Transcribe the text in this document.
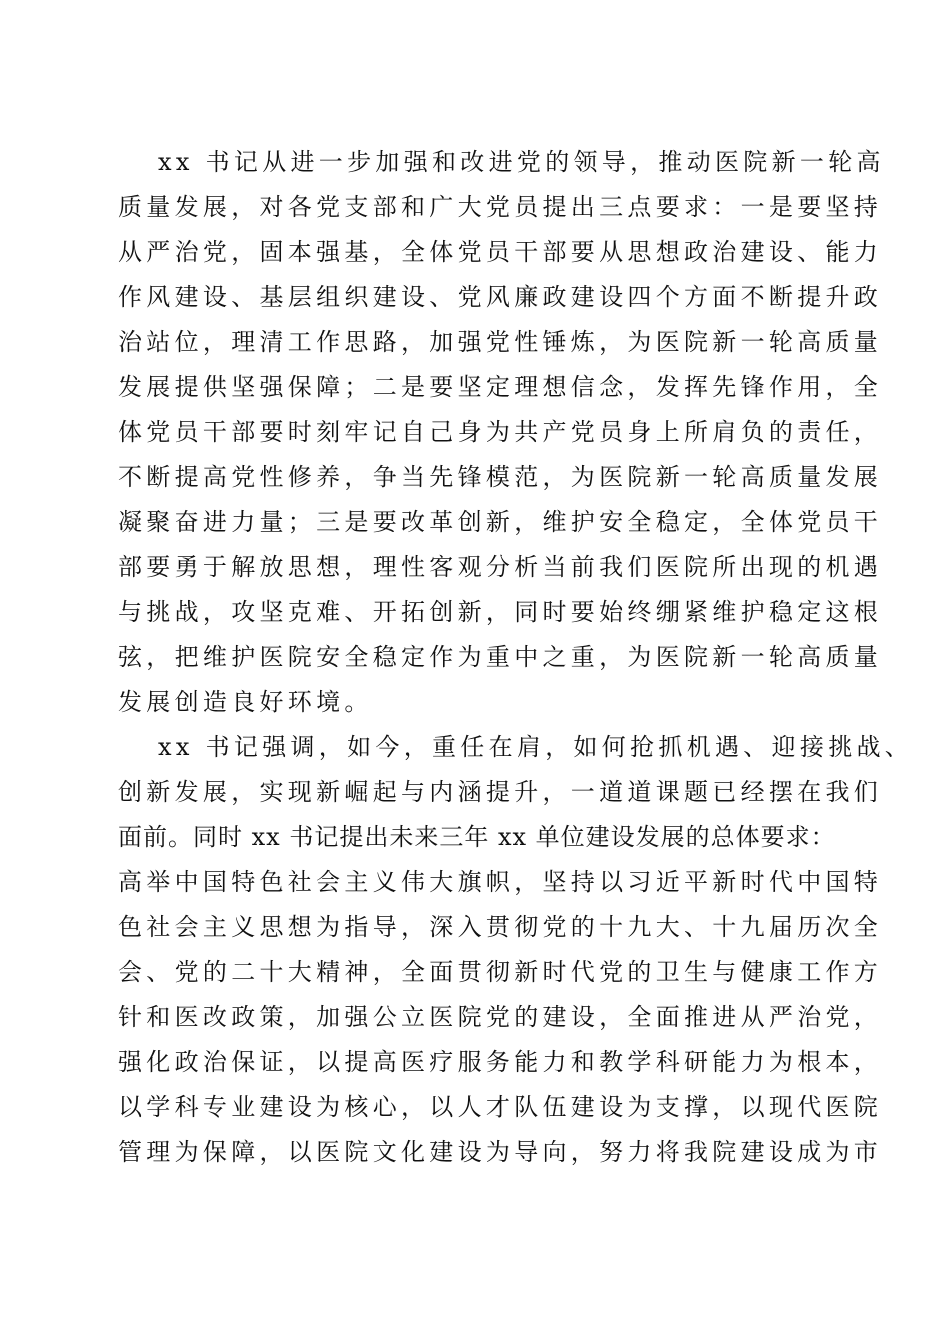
xx 书记从进一步加强和改进党的领导，推动医院新一轮高
质量发展，对各党支部和广大党员提出三点要求：一是要坚持
从严治党，固本强基，全体党员干部要从思想政治建设、能力
作风建设、基层组织建设、党风廉政建设四个方面不断提升政
治站位，理清工作思路，加强党性锤炼，为医院新一轮高质量
发展提供坚强保障；二是要坚定理想信念，发挥先锋作用，全
体党员干部要时刻牢记自己身为共产党员身上所肩负的责任，
不断提高党性修养，争当先锋模范，为医院新一轮高质量发展
凝聚奋进力量；三是要改革创新，维护安全稳定，全体党员干
部要勇于解放思想，理性客观分析当前我们医院所出现的机遇
与挑战，攻坚克难、开拓创新，同时要始终绷紧维护稳定这根
弦，把维护医院安全稳定作为重中之重，为医院新一轮高质量
发展创造良好环境。
xx 书记强调，如今，重任在肩，如何抢抓机遇、迎接挑战、
创新发展，实现新崛起与内涵提升，一道道课题已经摆在我们
面前。同时 xx 书记提出未来三年 xx 单位建设发展的总体要求：
高举中国特色社会主义伟大旗帜，坚持以习近平新时代中国特
色社会主义思想为指导，深入贯彻党的十九大、十九届历次全
会、党的二十大精神，全面贯彻新时代党的卫生与健康工作方
针和医改政策，加强公立医院党的建设，全面推进从严治党，
强化政治保证，以提高医疗服务能力和教学科研能力为根本，
以学科专业建设为核心，以人才队伍建设为支撑，以现代医院
管理为保障，以医院文化建设为导向，努力将我院建设成为市
